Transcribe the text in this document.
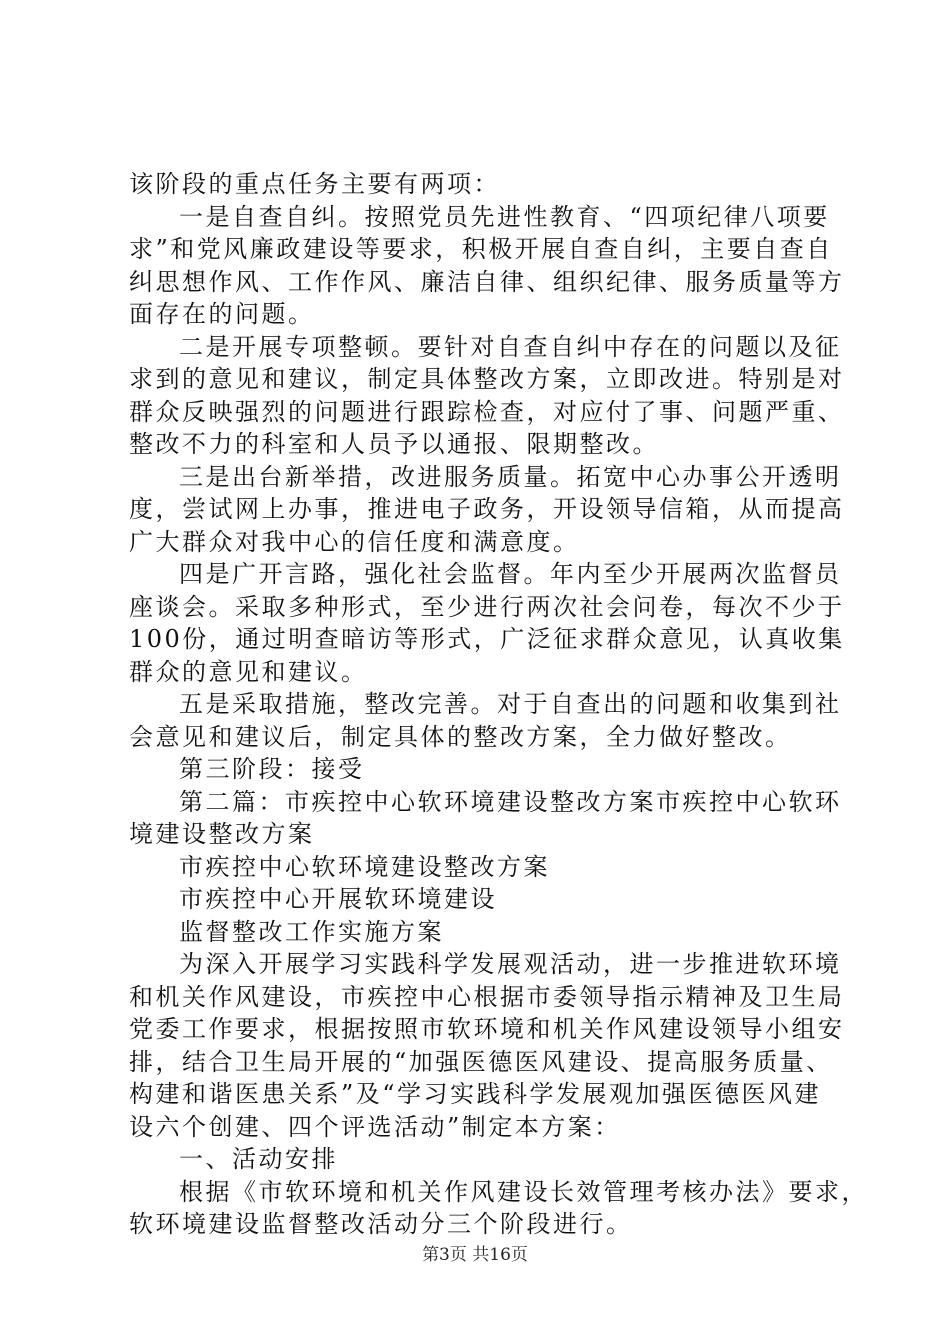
该阶段的重点任务主要有两项：
一是自查自纠。按照党员先进性教育、“四项纪律八项要
求”和党风廉政建设等要求，积极开展自查自纠，主要自查自
纠思想作风、工作作风、廉洁自律、组织纪律、服务质量等方
面存在的问题。
二是开展专项整顿。要针对自查自纠中存在的问题以及征
求到的意见和建议，制定具体整改方案，立即改进。特别是对
群众反映强烈的问题进行跟踪检查，对应付了事、问题严重、
整改不力的科室和人员予以通报、限期整改。
三是出台新举措，改进服务质量。拓宽中心办事公开透明
度，尝试网上办事，推进电子政务，开设领导信箱，从而提高
广大群众对我中心的信任度和满意度。
四是广开言路，强化社会监督。年内至少开展两次监督员
座谈会。采取多种形式，至少进行两次社会问卷，每次不少于
100份，通过明查暗访等形式，广泛征求群众意见，认真收集
群众的意见和建议。
五是采取措施，整改完善。对于自查出的问题和收集到社
会意见和建议后，制定具体的整改方案，全力做好整改。
第三阶段：接受
第二篇：市疾控中心软环境建设整改方案市疾控中心软环
境建设整改方案
市疾控中心软环境建设整改方案
市疾控中心开展软环境建设
监督整改工作实施方案
为深入开展学习实践科学发展观活动，进一步推进软环境
和机关作风建设，市疾控中心根据市委领导指示精神及卫生局
党委工作要求，根据按照市软环境和机关作风建设领导小组安
排，结合卫生局开展的“加强医德医风建设、提高服务质量、
构建和谐医患关系”及“学习实践科学发展观加强医德医风建
设六个创建、四个评选活动”制定本方案：
一、活动安排
根据《市软环境和机关作风建设长效管理考核办法》要求，
软环境建设监督整改活动分三个阶段进行。
第3页 共16页
